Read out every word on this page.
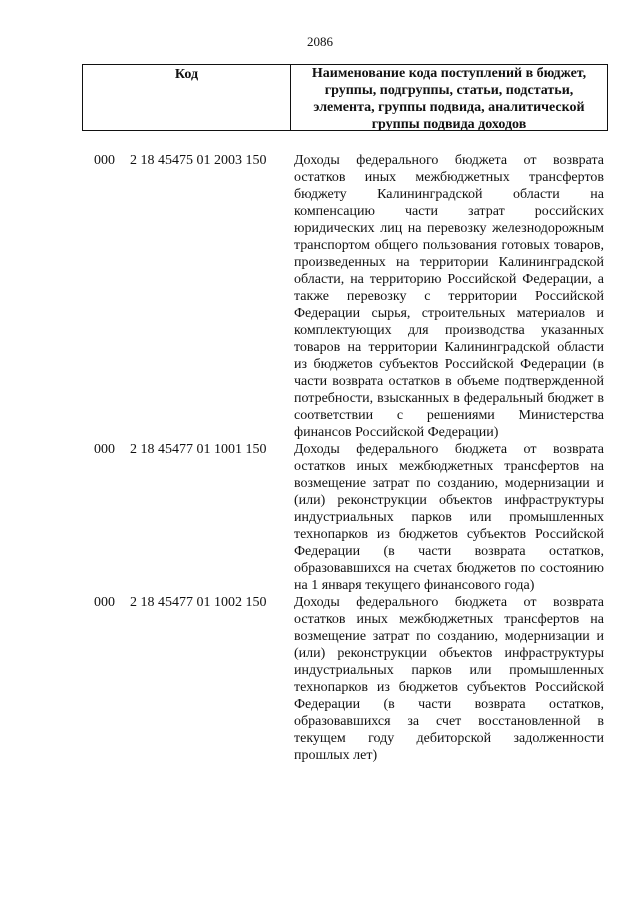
2086
Код	Наименование кода поступлений в бюджет, группы, подгруппы, статьи, подстатьи, элемента, группы подвида, аналитической группы подвида доходов
000	2 18 45475 01 2003 150 Доходы федерального бюджета от возврата остатков иных межбюджетных трансфертов бюджету Калининградской области на компенсацию части затрат российских юридических лиц на перевозку железнодорожным транспортом общего пользования готовых товаров, произведенных на территории Калининградской области, на территорию Российской Федерации, а также перевозку с территории Российской Федерации сырья, строительных материалов и комплектующих для производства указанных товаров на территории Калининградской области из бюджетов субъектов Российской Федерации (в части возврата остатков в объеме подтвержденной потребности, взысканных в федеральный бюджет в соответствии с решениями Министерства финансов Российской Федерации)
000	2 18 45477 01 1001 150 Доходы федерального бюджета от возврата остатков иных межбюджетных трансфертов на возмещение затрат по созданию, модернизации и (или) реконструкции объектов инфраструктуры индустриальных парков или промышленных технопарков из бюджетов субъектов Российской Федерации (в части возврата остатков, образовавшихся на счетах бюджетов по состоянию на 1 января текущего финансового года)
000	2 18 45477 01 1002 150 Доходы федерального бюджета от возврата остатков иных межбюджетных трансфертов на возмещение затрат по созданию, модернизации и (или) реконструкции объектов инфраструктуры индустриальных парков или промышленных технопарков из бюджетов субъектов Российской Федерации (в части возврата остатков, образовавшихся за счет восстановленной в текущем году дебиторской задолженности прошлых лет)
